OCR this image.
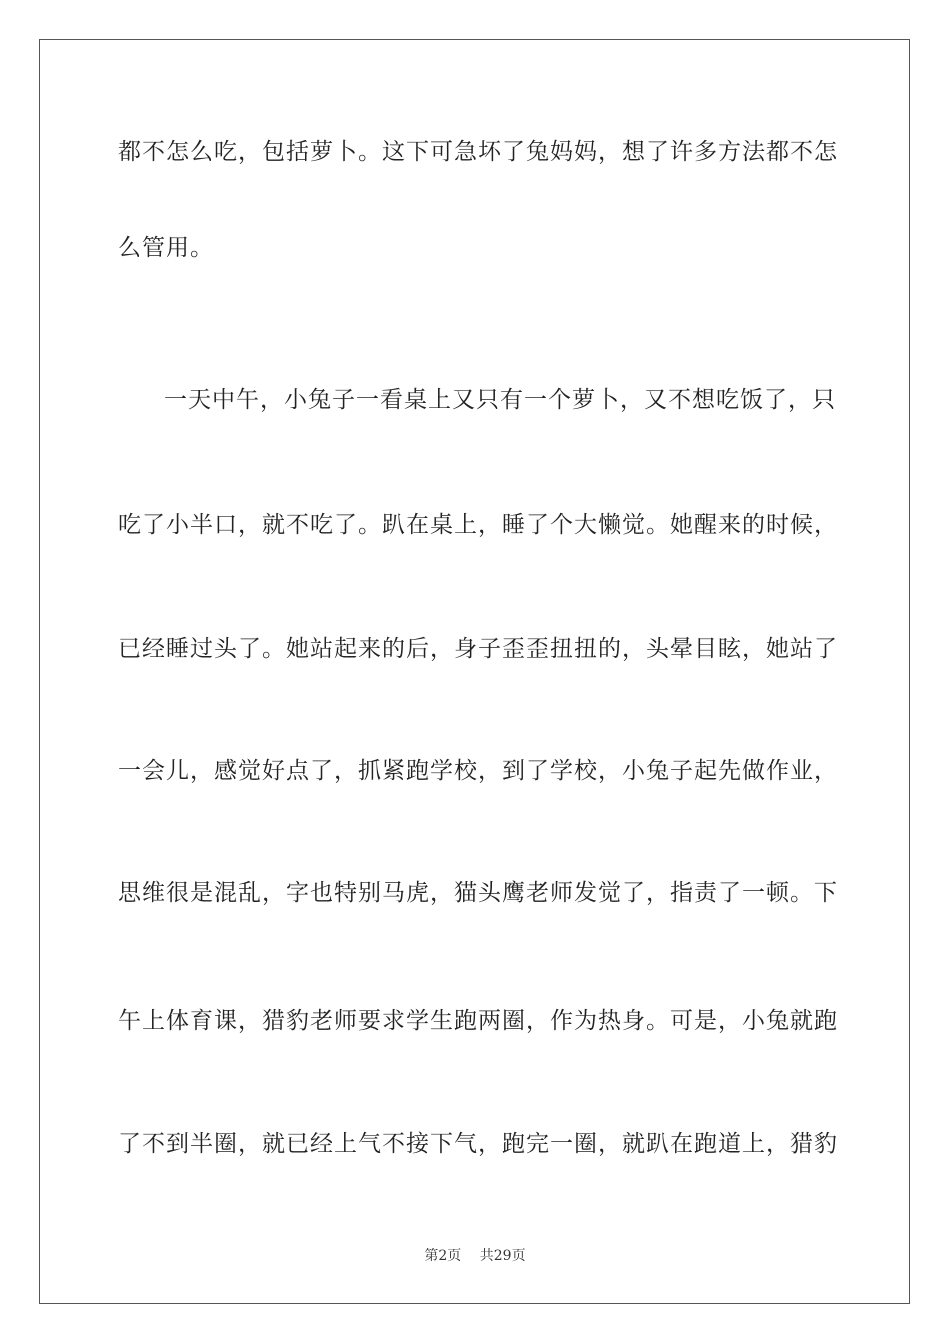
都不怎么吃，包括萝卜。这下可急坏了兔妈妈，想了许多方法都不怎
么管用。
一天中午，小兔子一看桌上又只有一个萝卜，又不想吃饭了，只
吃了小半口，就不吃了。趴在桌上，睡了个大懒觉。她醒来的时候，
已经睡过头了。她站起来的后，身子歪歪扭扭的，头晕目眩，她站了
一会儿，感觉好点了，抓紧跑学校，到了学校，小兔子起先做作业，
思维很是混乱，字也特别马虎，猫头鹰老师发觉了，指责了一顿。下
午上体育课，猎豹老师要求学生跑两圈，作为热身。可是，小兔就跑
了不到半圈，就已经上气不接下气，跑完一圈，就趴在跑道上，猎豹
第2页 共29页
